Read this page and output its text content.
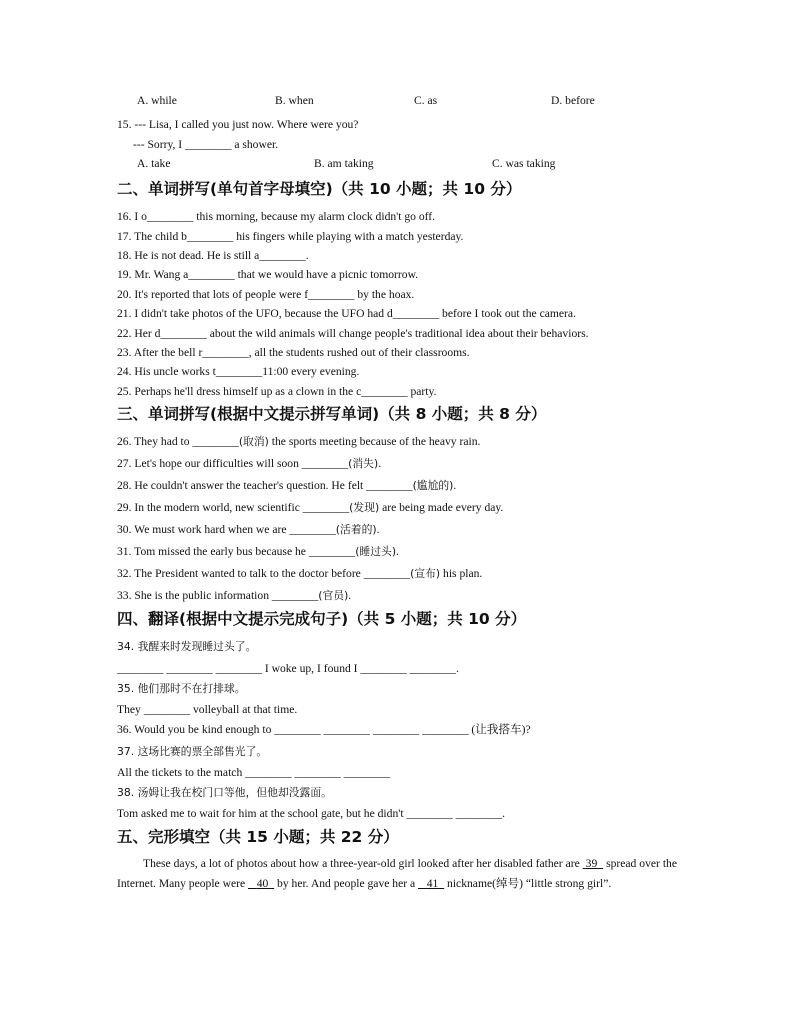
A. while	B. when	C. as	D. before
15. --- Lisa, I called you just now. Where were you?
--- Sorry, I ________ a shower.
A. take	B. am taking	C. was taking
二、单词拼写(单句首字母填空)（共 10 小题；共 10 分）
16. I o________ this morning, because my alarm clock didn't go off.
17. The child b________ his fingers while playing with a match yesterday.
18. He is not dead. He is still a________.
19. Mr. Wang a________ that we would have a picnic tomorrow.
20. It's reported that lots of people were f________ by the hoax.
21. I didn't take photos of the UFO, because the UFO had d________ before I took out the camera.
22. Her d________ about the wild animals will change people's traditional idea about their behaviors.
23. After the bell r________, all the students rushed out of their classrooms.
24. His uncle works t________11:00 every evening.
25. Perhaps he'll dress himself up as a clown in the c________ party.
三、单词拼写(根据中文提示拼写单词)（共 8 小题；共 8 分）
26. They had to ________(取消) the sports meeting because of the heavy rain.
27. Let's hope our difficulties will soon ________(消失).
28. He couldn't answer the teacher's question. He felt ________(尴尬的).
29. In the modern world, new scientific ________(发现) are being made every day.
30. We must work hard when we are ________(活着的).
31. Tom missed the early bus because he ________(睡过头).
32. The President wanted to talk to the doctor before ________(宣布) his plan.
33. She is the public information ________(官员).
四、翻译(根据中文提示完成句子)（共 5 小题；共 10 分）
34. 我醒来时发现睡过头了。
________ ________ ________ I woke up, I found I ________ ________.
35. 他们那时不在打排球。
They ________ volleyball at that time.
36. Would you be kind enough to ________ ________ ________ ________ (让我搭车)?
37. 这场比赛的票全部售光了。
All the tickets to the match ________ ________ ________
38. 汤姆让我在校门口等他，但他却没露面。
Tom asked me to wait for him at the school gate, but he didn't ________ ________.
五、完形填空（共 15 小题；共 22 分）

These days, a lot of photos about how a three-year-old girl looked after her disabled father are  39   spread over the Internet. Many people were    40   by her. And people gave her a    41   nickname(绰号) “little strong girl”.
